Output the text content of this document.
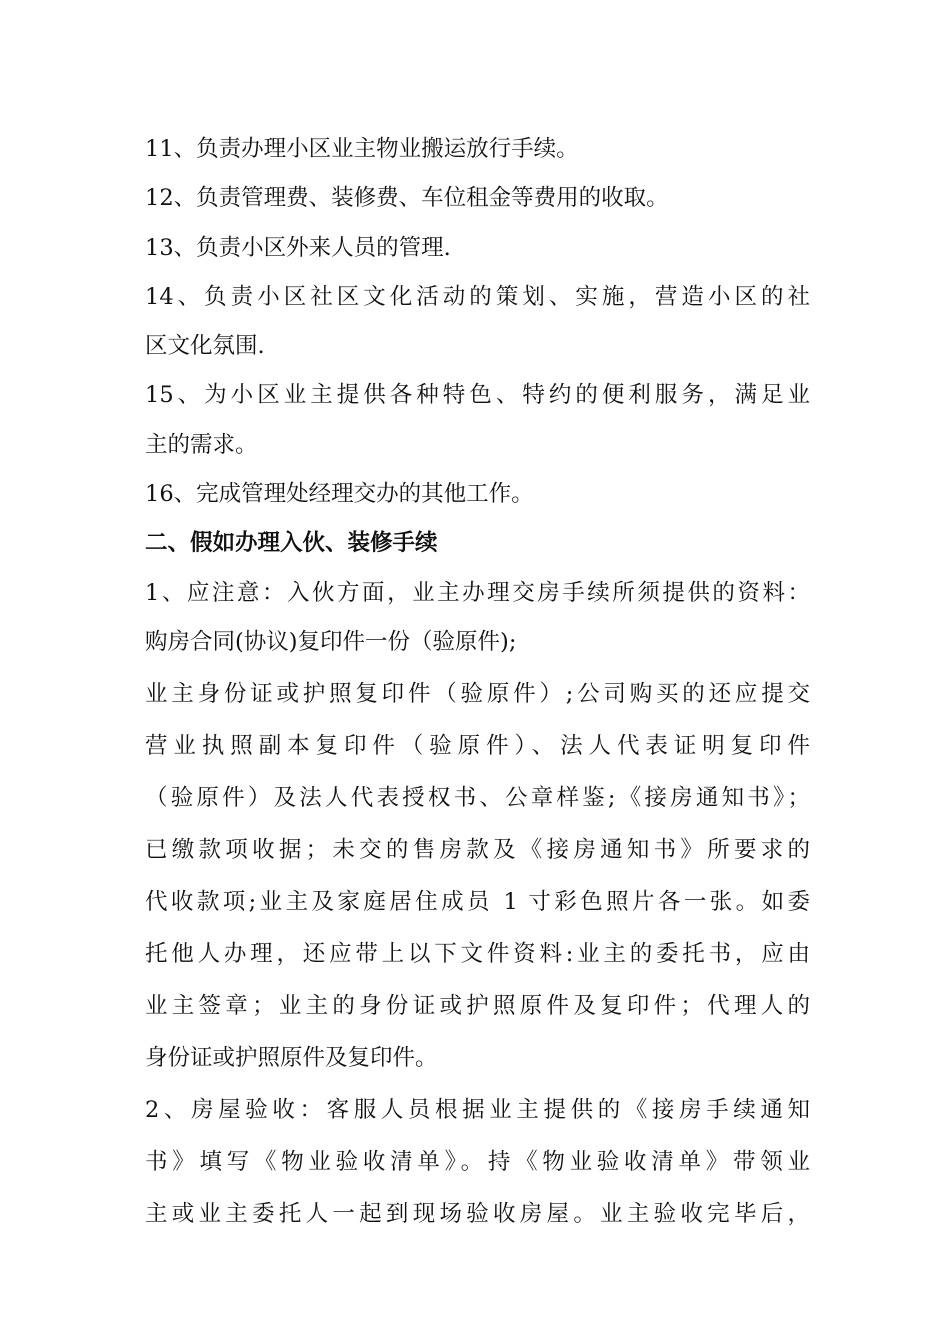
11、负责办理小区业主物业搬运放行手续。
12、负责管理费、装修费、车位租金等费用的收取。
13、负责小区外来人员的管理.
14、负责小区社区文化活动的策划、实施，营造小区的社
区文化氛围.
15、为小区业主提供各种特色、特约的便利服务，满足业
主的需求。
16、完成管理处经理交办的其他工作。
二、假如办理入伙、装修手续
1、应注意：入伙方面，业主办理交房手续所须提供的资料：
购房合同(协议)复印件一份（验原件);
业主身份证或护照复印件（验原件）;公司购买的还应提交
营业执照副本复印件（验原件）、法人代表证明复印件
（验原件）及法人代表授权书、公章样鉴;《接房通知书》；
已缴款项收据；未交的售房款及《接房通知书》所要求的
代收款项;业主及家庭居住成员 1 寸彩色照片各一张。如委
托他人办理，还应带上以下文件资料:业主的委托书，应由
业主签章；业主的身份证或护照原件及复印件；代理人的
身份证或护照原件及复印件。
2、房屋验收：客服人员根据业主提供的《接房手续通知
书》填写《物业验收清单》。持《物业验收清单》带领业
主或业主委托人一起到现场验收房屋。业主验收完毕后，
